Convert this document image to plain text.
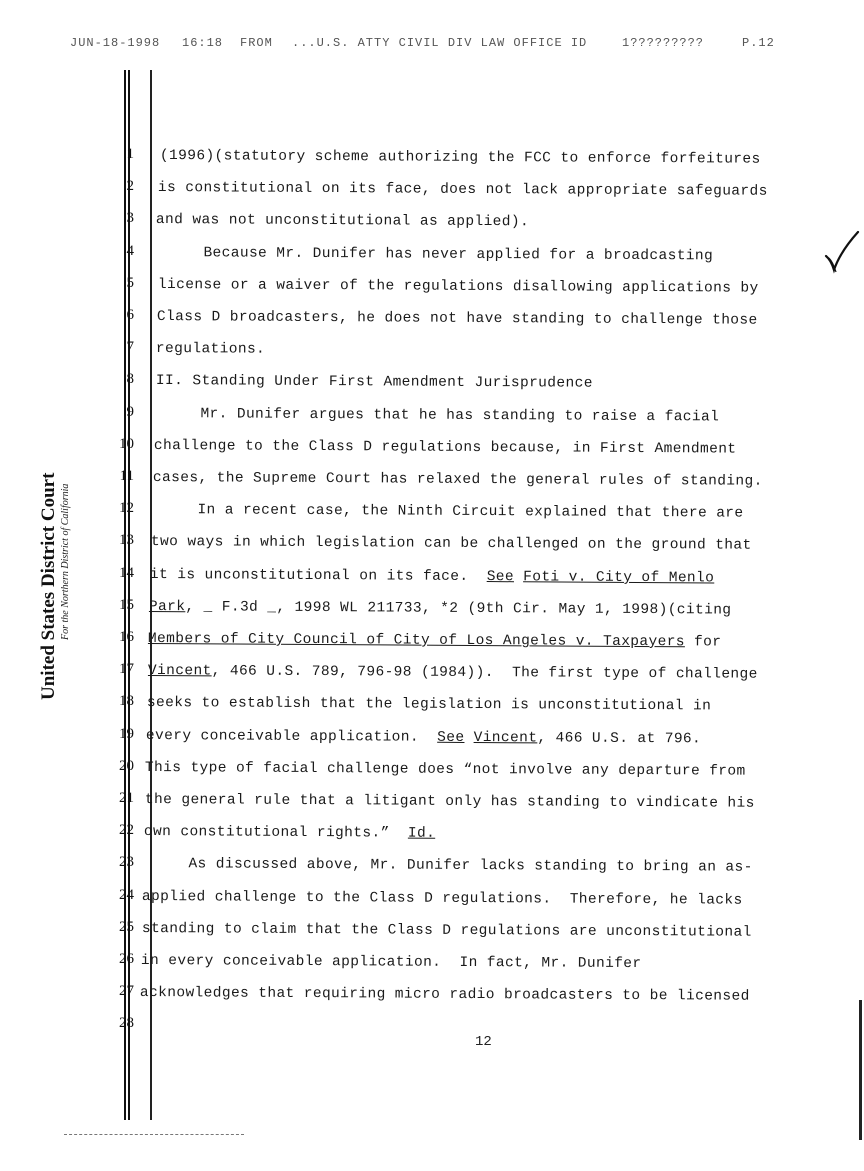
JUN-18-1998 16:18 FROM ...U.S. ATTY CIVIL DIV LAW OFFICE ID	1?????????	P.12
United States District Court For the Northern District of California
1
2
3
4
5
6
7
8
9
10
11
12
13
14
15
16
17
18
19
20
21
22
23
24
25
26
27
28
(1996)(statutory scheme authorizing the FCC to enforce forfeitures
is constitutional on its face, does not lack appropriate safeguards
and was not unconstitutional as applied).
Because Mr. Dunifer has never applied for a broadcasting
license or a waiver of the regulations disallowing applications by
Class D broadcasters, he does not have standing to challenge those
regulations.
II. Standing Under First Amendment Jurisprudence
Mr. Dunifer argues that he has standing to raise a facial
challenge to the Class D regulations because, in First Amendment
cases, the Supreme Court has relaxed the general rules of standing.
In a recent case, the Ninth Circuit explained that there are
two ways in which legislation can be challenged on the ground that
it is unconstitutional on its face.  See Foti v. City of Menlo
Park, _ F.3d _, 1998 WL 211733, *2 (9th Cir. May 1, 1998)(citing
Members of City Council of City of Los Angeles v. Taxpayers for
Vincent, 466 U.S. 789, 796-98 (1984)).  The first type of challenge
seeks to establish that the legislation is unconstitutional in
every conceivable application.  See Vincent, 466 U.S. at 796.
This type of facial challenge does “not involve any departure from
the general rule that a litigant only has standing to vindicate his
own constitutional rights.”  Id.
As discussed above, Mr. Dunifer lacks standing to bring an as-
applied challenge to the Class D regulations.  Therefore, he lacks
standing to claim that the Class D regulations are unconstitutional
in every conceivable application.  In fact, Mr. Dunifer
acknowledges that requiring micro radio broadcasters to be licensed
12
